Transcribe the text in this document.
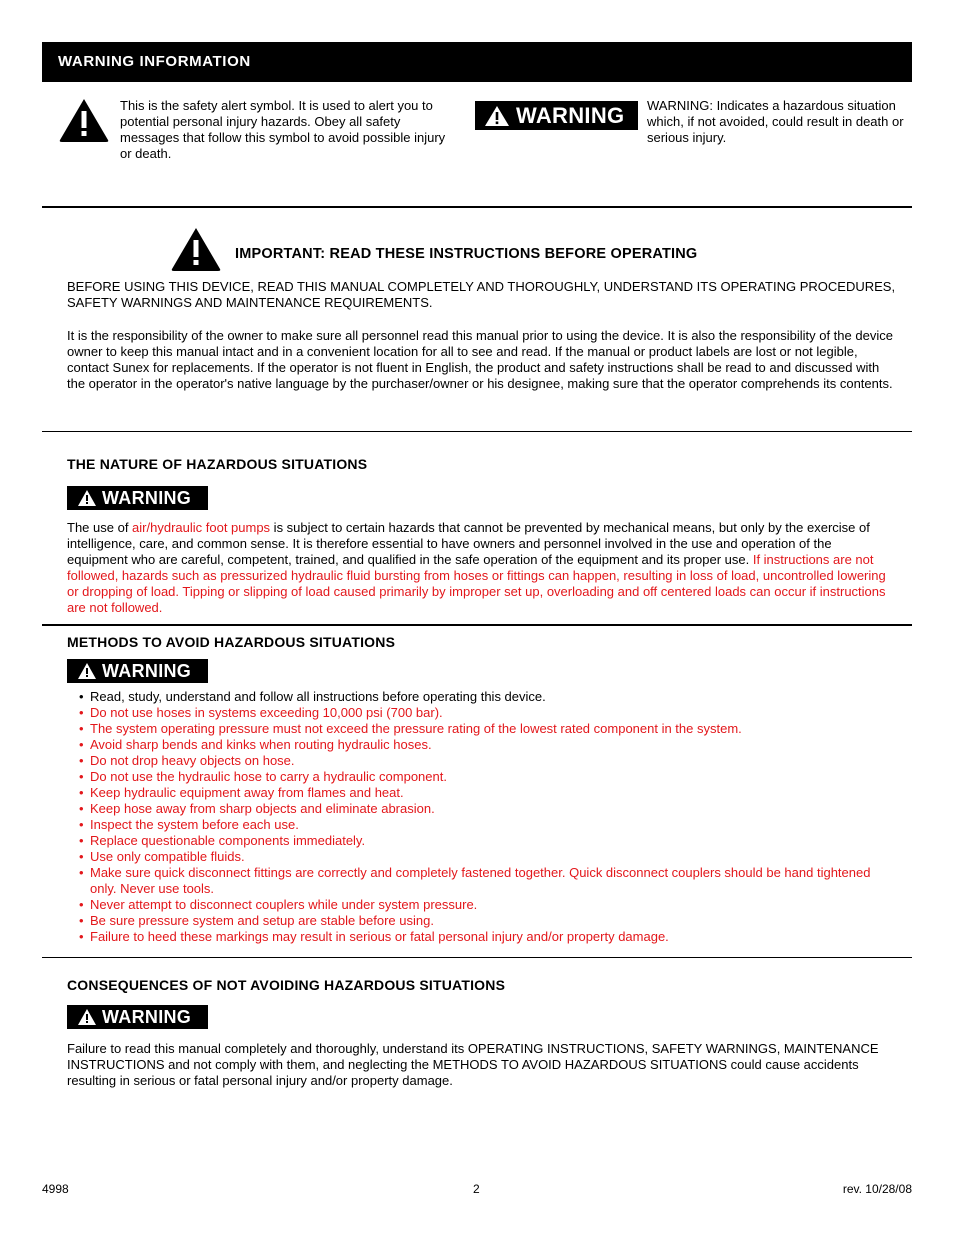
WARNING INFORMATION
This is the safety alert symbol. It is used to alert you to potential personal injury hazards. Obey all safety messages that follow this symbol to avoid possible injury or death.
WARNING WARNING: Indicates a hazardous situation which, if not avoided, could result in death or serious injury.
IMPORTANT: READ THESE INSTRUCTIONS BEFORE OPERATING
BEFORE USING THIS DEVICE, READ THIS MANUAL COMPLETELY AND THOROUGHLY, UNDERSTAND ITS OPERATING PROCEDURES, SAFETY WARNINGS AND MAINTENANCE REQUIREMENTS.
It is the responsibility of the owner to make sure all personnel read this manual prior to using the device. It is also the responsibility of the device owner to keep this manual intact and in a convenient location for all to see and read. If the manual or product labels are lost or not legible, contact Sunex for replacements. If the operator is not fluent in English, the product and safety instructions shall be read to and discussed with the operator in the operator's native language by the purchaser/owner or his designee, making sure that the operator comprehends its contents.
THE NATURE OF HAZARDOUS SITUATIONS
WARNING
The use of air/hydraulic foot pumps is subject to certain hazards that cannot be prevented by mechanical means, but only by the exercise of intelligence, care, and common sense. It is therefore essential to have owners and personnel involved in the use and operation of the equipment who are careful, competent, trained, and qualified in the safe operation of the equipment and its proper use. If instructions are not followed, hazards such as pressurized hydraulic fluid bursting from hoses or fittings can happen, resulting in loss of load, uncontrolled lowering or dropping of load. Tipping or slipping of load caused primarily by improper set up, overloading and off centered loads can occur if instructions are not followed.
METHODS TO AVOID HAZARDOUS SITUATIONS
WARNING
• Read, study, understand and follow all instructions before operating this device.
• Do not use hoses in systems exceeding 10,000 psi (700 bar).
• The system operating pressure must not exceed the pressure rating of the lowest rated component in the system.
• Avoid sharp bends and kinks when routing hydraulic hoses.
• Do not drop heavy objects on hose.
• Do not use the hydraulic hose to carry a hydraulic component.
• Keep hydraulic equipment away from flames and heat.
• Keep hose away from sharp objects and eliminate abrasion.
• Inspect the system before each use.
• Replace questionable components immediately.
• Use only compatible fluids.
• Make sure quick disconnect fittings are correctly and completely fastened together. Quick disconnect couplers should be hand tightened only. Never use tools.
• Never attempt to disconnect couplers while under system pressure.
• Be sure pressure system and setup are stable before using.
• Failure to heed these markings may result in serious or fatal personal injury and/or property damage.
CONSEQUENCES OF NOT AVOIDING HAZARDOUS SITUATIONS
WARNING
Failure to read this manual completely and thoroughly, understand its OPERATING INSTRUCTIONS, SAFETY WARNINGS, MAINTENANCE INSTRUCTIONS and not comply with them, and neglecting the METHODS TO AVOID HAZARDOUS SITUATIONS could cause accidents resulting in serious or fatal personal injury and/or property damage.
4998	2	rev. 10/28/08
